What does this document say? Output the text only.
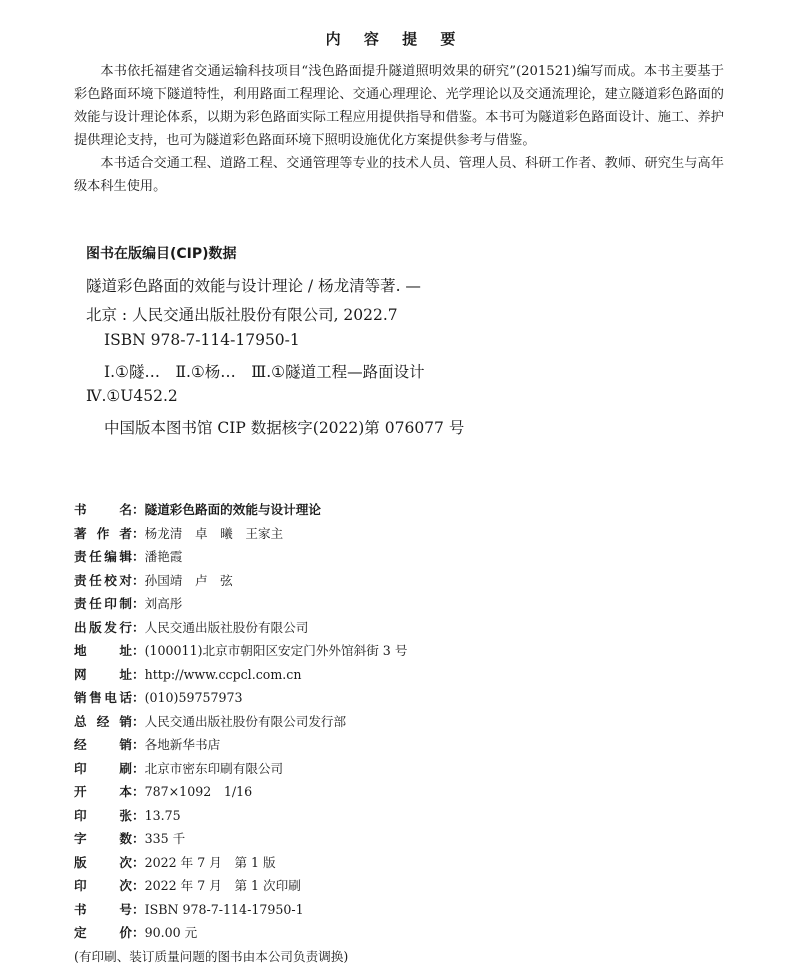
内 容 提 要

本书依托福建省交通运输科技项目“浅色路面提升隧道照明效果的研究”(201521)编写而成。本书主要基于彩色路面环境下隧道特性，利用路面工程理论、交通心理理论、光学理论以及交通流理论，建立隧道彩色路面的效能与设计理论体系，以期为彩色路面实际工程应用提供指导和借鉴。本书可为隧道彩色路面设计、施工、养护提供理论支持，也可为隧道彩色路面环境下照明设施优化方案提供参考与借鉴。

本书适合交通工程、道路工程、交通管理等专业的技术人员、管理人员、科研工作者、教师、研究生与高年级本科生使用。

图书在版编目(CIP)数据
隧道彩色路面的效能与设计理论 / 杨龙清等著. —
北京 : 人民交通出版社股份有限公司, 2022.7
ISBN 978-7-114-17950-1
Ⅰ.①隧…　Ⅱ.①杨…　Ⅲ.①隧道工程—路面设计
Ⅳ.①U452.2
中国版本图书馆 CIP 数据核字(2022)第 076077 号
书名 ： 隧道彩色路面的效能与设计理论
著作者 ： 杨龙清　卓　曦　王家主
责任编辑 ： 潘艳霞
责任校对 ： 孙国靖　卢　弦
责任印制 ： 刘高彤
出版发行 ： 人民交通出版社股份有限公司
地址 ： (100011)北京市朝阳区安定门外外馆斜街 3 号
网址 ： http://www.ccpcl.com.cn
销售电话 ： (010)59757973
总经销 ： 人民交通出版社股份有限公司发行部
经销 ： 各地新华书店
印刷 ： 北京市密东印刷有限公司
开本 ： 787×1092　1/16
印张 ： 13.75
字数 ： 335 千
版次 ： 2022 年 7 月　第 1 版
印次 ： 2022 年 7 月　第 1 次印刷
书号 ： ISBN 978-7-114-17950-1
定价 ： 90.00 元
(有印刷、装订质量问题的图书由本公司负责调换)
